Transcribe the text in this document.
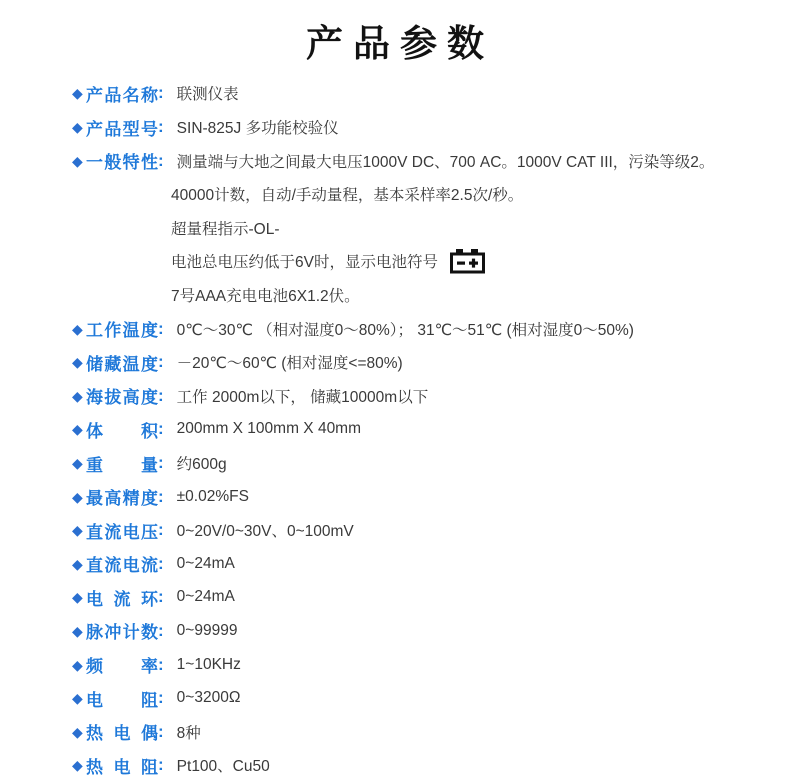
产品参数
◆ 产品名称 : 联测仪表
◆ 产品型号 : SIN-825J 多功能校验仪
◆ 一般特性 : 测量端与大地之间最大电压1000V DC、700 AC。1000V CAT III，污染等级2。
40000计数，自动/手动量程，基本采样率2.5次/秒。
超量程指示-OL-
电池总电压约低于6V时，显示电池符号
7号AAA充电电池6X1.2伏。
◆ 工作温度 : 0℃～30℃ （相对湿度0～80%）； 31℃～51℃ (相对湿度0～50%)
◆ 储藏温度 : －20℃～60℃ (相对湿度<=80%)
◆ 海拔高度 : 工作 2000m以下， 储藏10000m以下
◆ 体积 : 200mm X 100mm X 40mm
◆ 重量 : 约600g
◆ 最高精度 : ±0.02%FS
◆ 直流电压 : 0~20V/0~30V、0~100mV
◆ 直流电流 : 0~24mA
◆ 电流环 : 0~24mA
◆ 脉冲计数 : 0~99999
◆ 频率 : 1~10KHz
◆ 电阻 : 0~3200Ω
◆ 热电偶 : 8种
◆ 热电阻 : Pt100、Cu50
